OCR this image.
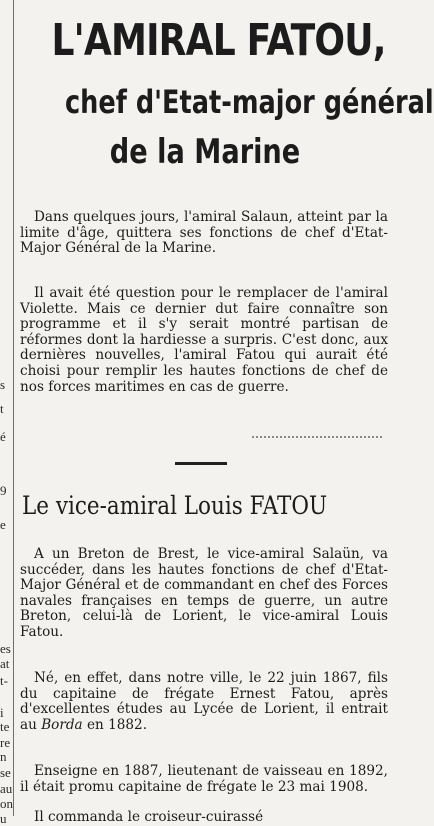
s
t
é
9
e
es
at
t-
i
te
re
n
se
au
on
u
L'AMIRAL FATOU,
chef d'Etat-major général
de la Marine

Dans quelques jours, l'amiral Salaun, atteint par la limite d'âge, quittera ses fonctions de chef d'Etat-Major Général de la Marine.

Il avait été question pour le remplacer de l'amiral Violette. Mais ce dernier dut faire connaître son programme et il s'y serait montré partisan de réformes dont la hardiesse a surpris. C'est donc, aux dernières nouvelles, l'amiral Fatou qui aurait été choisi pour remplir les hautes fonctions de chef de nos forces maritimes en cas de guerre.

Le vice-amiral Louis FATOU

A un Breton de Brest, le vice-amiral Salaün, va succéder, dans les hautes fonctions de chef d'Etat-Major Général et de commandant en chef des Forces navales françaises en temps de guerre, un autre Breton, celui-là de Lorient, le vice-amiral Louis Fatou.

Né, en effet, dans notre ville, le 22 juin 1867, fils du capitaine de frégate Ernest Fatou, après d'excellentes études au Lycée de Lorient, il entrait au Borda en 1882.

Enseigne en 1887, lieutenant de vaisseau en 1892, il était promu capitaine de frégate le 23 mai 1908.

Il commanda le croiseur-cuirassé
